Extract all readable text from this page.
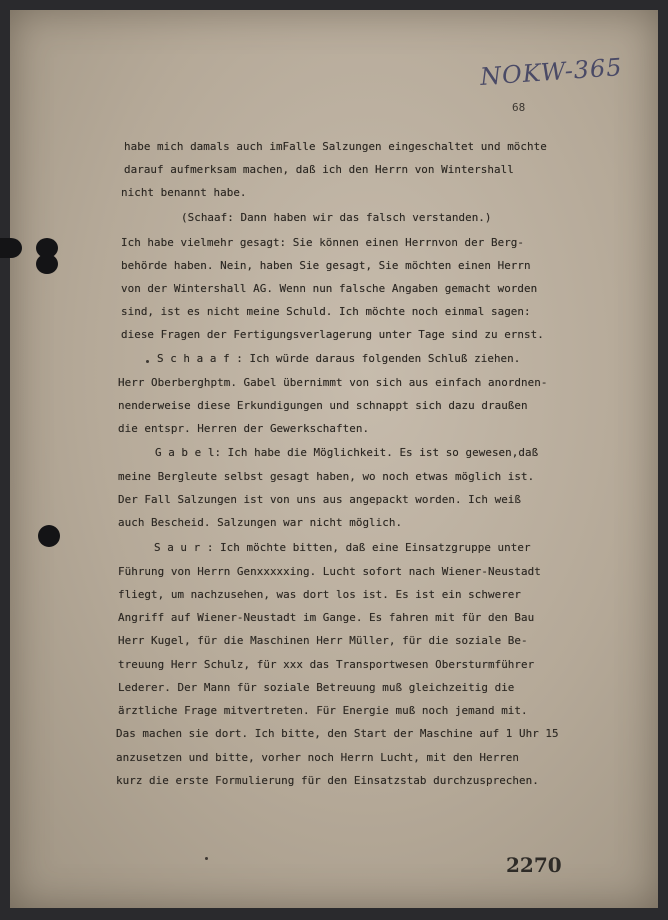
NOKW-365
68
habe mich damals auch imFalle Salzungen eingeschaltet und möchte
darauf aufmerksam machen, daß ich den Herrn von Wintershall
nicht benannt habe.
(Schaaf: Dann haben wir das falsch verstanden.)
Ich habe vielmehr gesagt: Sie können einen Herrnvon der Berg-
behörde haben. Nein, haben Sie gesagt, Sie möchten einen Herrn
von der Wintershall AG. Wenn nun falsche Angaben gemacht worden
sind, ist es nicht meine Schuld. Ich möchte noch einmal sagen:
diese Fragen der Fertigungsverlagerung unter Tage sind zu ernst.
S c h a a f : Ich würde daraus folgenden Schluß ziehen.
Herr Oberberghptm. Gabel übernimmt von sich aus einfach anordnen-
nenderweise diese Erkundigungen und schnappt sich dazu draußen
die entspr. Herren der Gewerkschaften.
G a b e l: Ich habe die Möglichkeit. Es ist so gewesen,daß
meine Bergleute selbst gesagt haben, wo noch etwas möglich ist.
Der Fall Salzungen ist von uns aus angepackt worden. Ich weiß
auch Bescheid. Salzungen war nicht möglich.
S a u r : Ich möchte bitten, daß eine Einsatzgruppe unter
Führung von Herrn Genxxxxxing. Lucht sofort nach Wiener-Neustadt
fliegt, um nachzusehen, was dort los ist. Es ist ein schwerer
Angriff auf Wiener-Neustadt im Gange. Es fahren mit für den Bau
Herr Kugel, für die Maschinen Herr Müller, für die soziale Be-
treuung Herr Schulz, für xxx das Transportwesen Obersturmführer
Lederer. Der Mann für soziale Betreuung muß gleichzeitig die
ärztliche Frage mitvertreten. Für Energie muß noch jemand mit.
Das machen sie dort. Ich bitte, den Start der Maschine auf 1 Uhr 15
anzusetzen und bitte, vorher noch Herrn Lucht, mit den Herren
kurz die erste Formulierung für den Einsatzstab durchzusprechen.
2270
